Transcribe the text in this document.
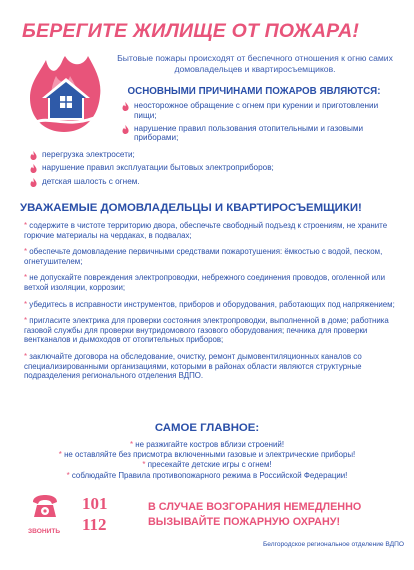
БЕРЕГИТЕ ЖИЛИЩЕ ОТ ПОЖАРА!
Бытовые пожары происходят от беспечного отношения к огню самих домовладельцев и квартиросъемщиков.
ОСНОВНЫМИ ПРИЧИНАМИ ПОЖАРОВ ЯВЛЯЮТСЯ:
неосторожное обращение с огнем при курении и приготовлении пищи;
нарушение правил пользования отопительными и газовыми приборами;
перегрузка электросети;
нарушение правил эксплуатации бытовых электроприборов;
детская шалость с огнем.
УВАЖАЕМЫЕ ДОМОВЛАДЕЛЬЦЫ И КВАРТИРОСЪЕМЩИКИ!
* содержите в чистоте территорию двора, обеспечьте свободный подъезд к строениям, не храните горючие материалы на чердаках, в подвалах;
* обеспечьте домовладение первичными средствами пожаротушения: ёмкостью с водой, песком, огнетушителем;
* не допускайте повреждения электропроводки, небрежного соединения проводов, оголенной или ветхой изоляции, коррозии;
* убедитесь в исправности инструментов, приборов и оборудования, работающих под напряжением;
* пригласите электрика для проверки состояния электропроводки, выполненной в доме; работника газовой службы для проверки внутридомового газового оборудования; печника для проверки вентканалов и дымоходов от отопительных приборов;
* заключайте договора на обследование, очистку, ремонт дымовентиляционных каналов со специализированными организациями, которыми в районах области являются структурные подразделения регионального отделения ВДПО.
САМОЕ ГЛАВНОЕ:
* не разжигайте костров вблизи строений!
* не оставляйте без присмотра включенными газовые и электрические приборы!
* пресекайте детские игры с огнем!
* соблюдайте Правила противопожарного режима в Российской Федерации!
ЗВОНИТЬ
101
112
В СЛУЧАЕ ВОЗГОРАНИЯ НЕМЕДЛЕННО ВЫЗЫВАЙТЕ ПОЖАРНУЮ ОХРАНУ!
Белгородское региональное отделение ВДПО
